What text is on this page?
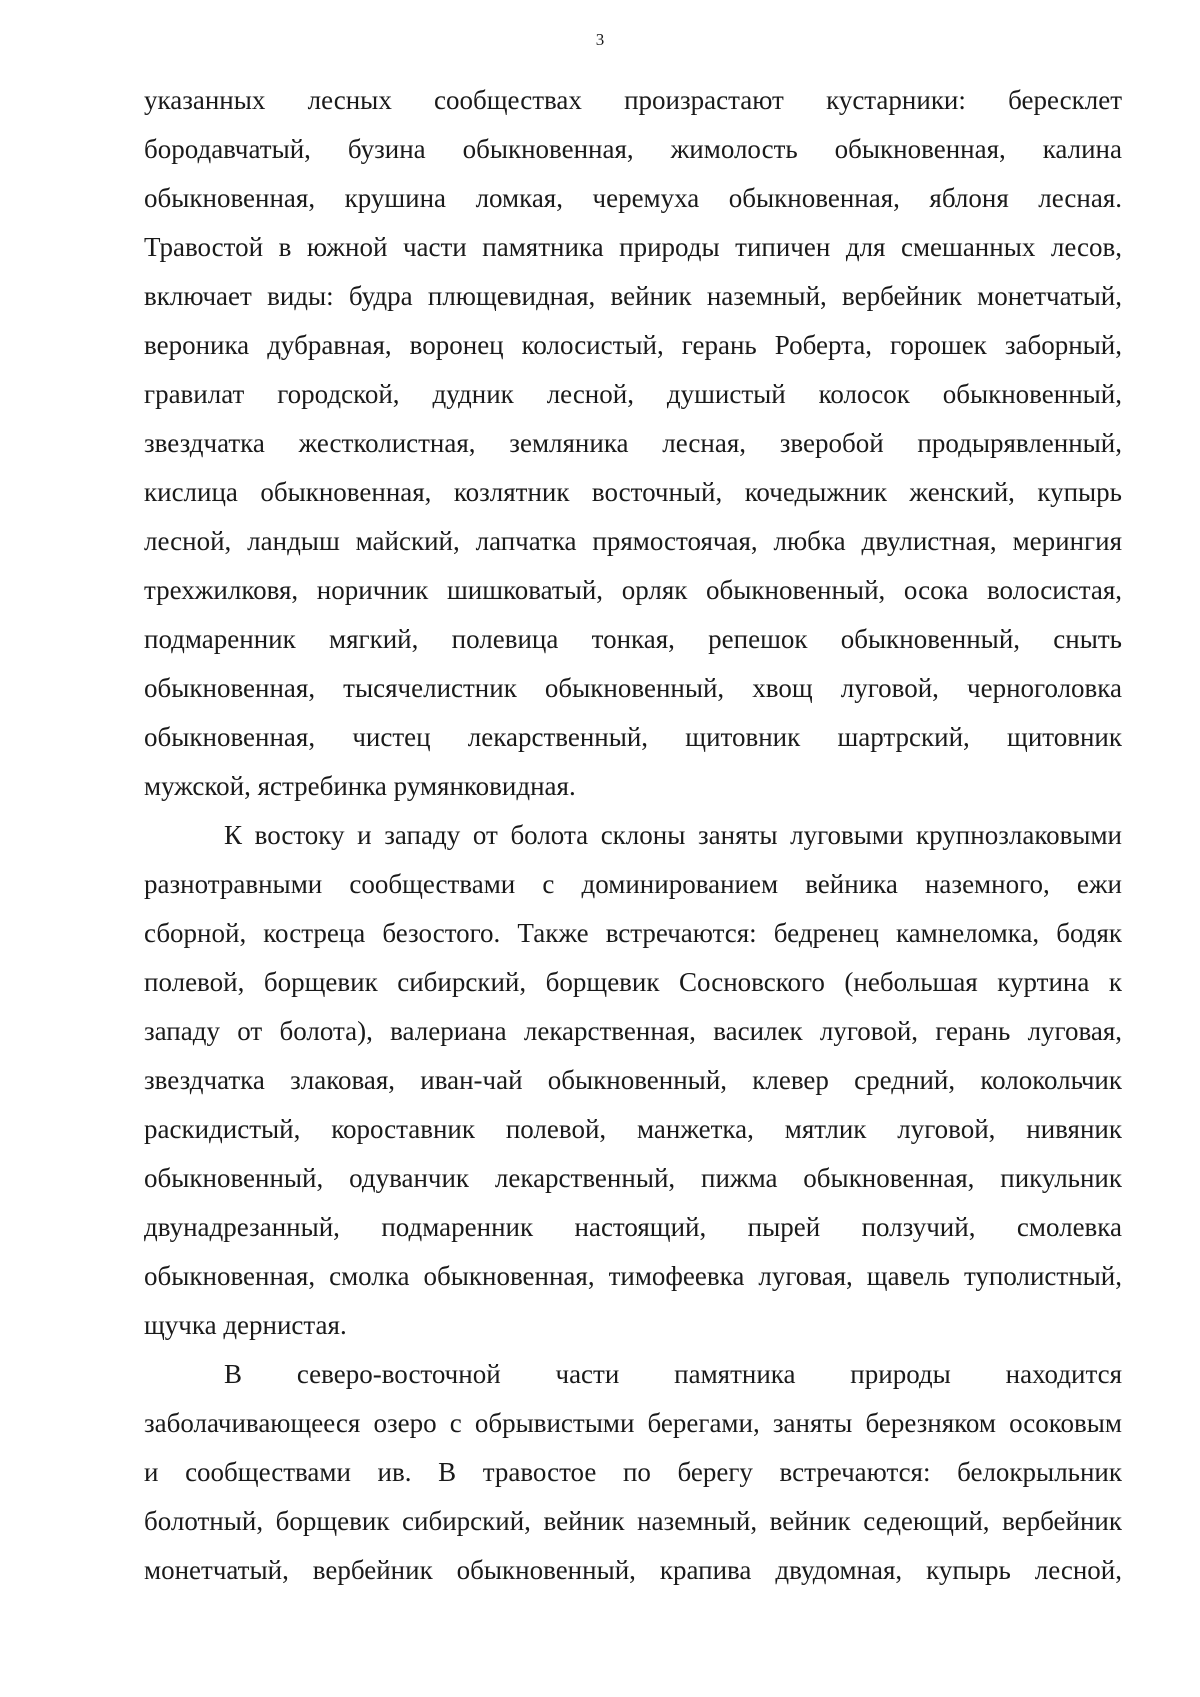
3
указанных лесных сообществах произрастают кустарники: бересклет
бородавчатый, бузина обыкновенная, жимолость обыкновенная, калина
обыкновенная, крушина ломкая, черемуха обыкновенная, яблоня лесная.
Травостой в южной части памятника природы типичен для смешанных лесов,
включает виды: будра плющевидная, вейник наземный, вербейник монетчатый,
вероника дубравная, воронец колосистый, герань Роберта, горошек заборный,
гравилат городской, дудник лесной, душистый колосок обыкновенный,
звездчатка жестколистная, земляника лесная, зверобой продырявленный,
кислица обыкновенная, козлятник восточный, кочедыжник женский, купырь
лесной, ландыш майский, лапчатка прямостоячая, любка двулистная, мерингия
трехжилковя, норичник шишковатый, орляк обыкновенный, осока волосистая,
подмаренник мягкий, полевица тонкая, репешок обыкновенный, сныть
обыкновенная, тысячелистник обыкновенный, хвощ луговой, черноголовка
обыкновенная, чистец лекарственный, щитовник шартрский, щитовник
мужской, ястребинка румянковидная.
К востоку и западу от болота склоны заняты луговыми крупнозлаковыми
разнотравными сообществами с доминированием вейника наземного, ежи
сборной, костреца безостого. Также встречаются: бедренец камнеломка, бодяк
полевой, борщевик сибирский, борщевик Сосновского (небольшая куртина к
западу от болота), валериана лекарственная, василек луговой, герань луговая,
звездчатка злаковая, иван-чай обыкновенный, клевер средний, колокольчик
раскидистый, короставник полевой, манжетка, мятлик луговой, нивяник
обыкновенный, одуванчик лекарственный, пижма обыкновенная, пикульник
двунадрезанный, подмаренник настоящий, пырей ползучий, смолевка
обыкновенная, смолка обыкновенная, тимофеевка луговая, щавель туполистный,
щучка дернистая.
В северо-восточной части памятника природы находится
заболачивающееся озеро с обрывистыми берегами, заняты березняком осоковым
и сообществами ив. В травостое по берегу встречаются: белокрыльник
болотный, борщевик сибирский, вейник наземный, вейник седеющий, вербейник
монетчатый, вербейник обыкновенный, крапива двудомная, купырь лесной,
